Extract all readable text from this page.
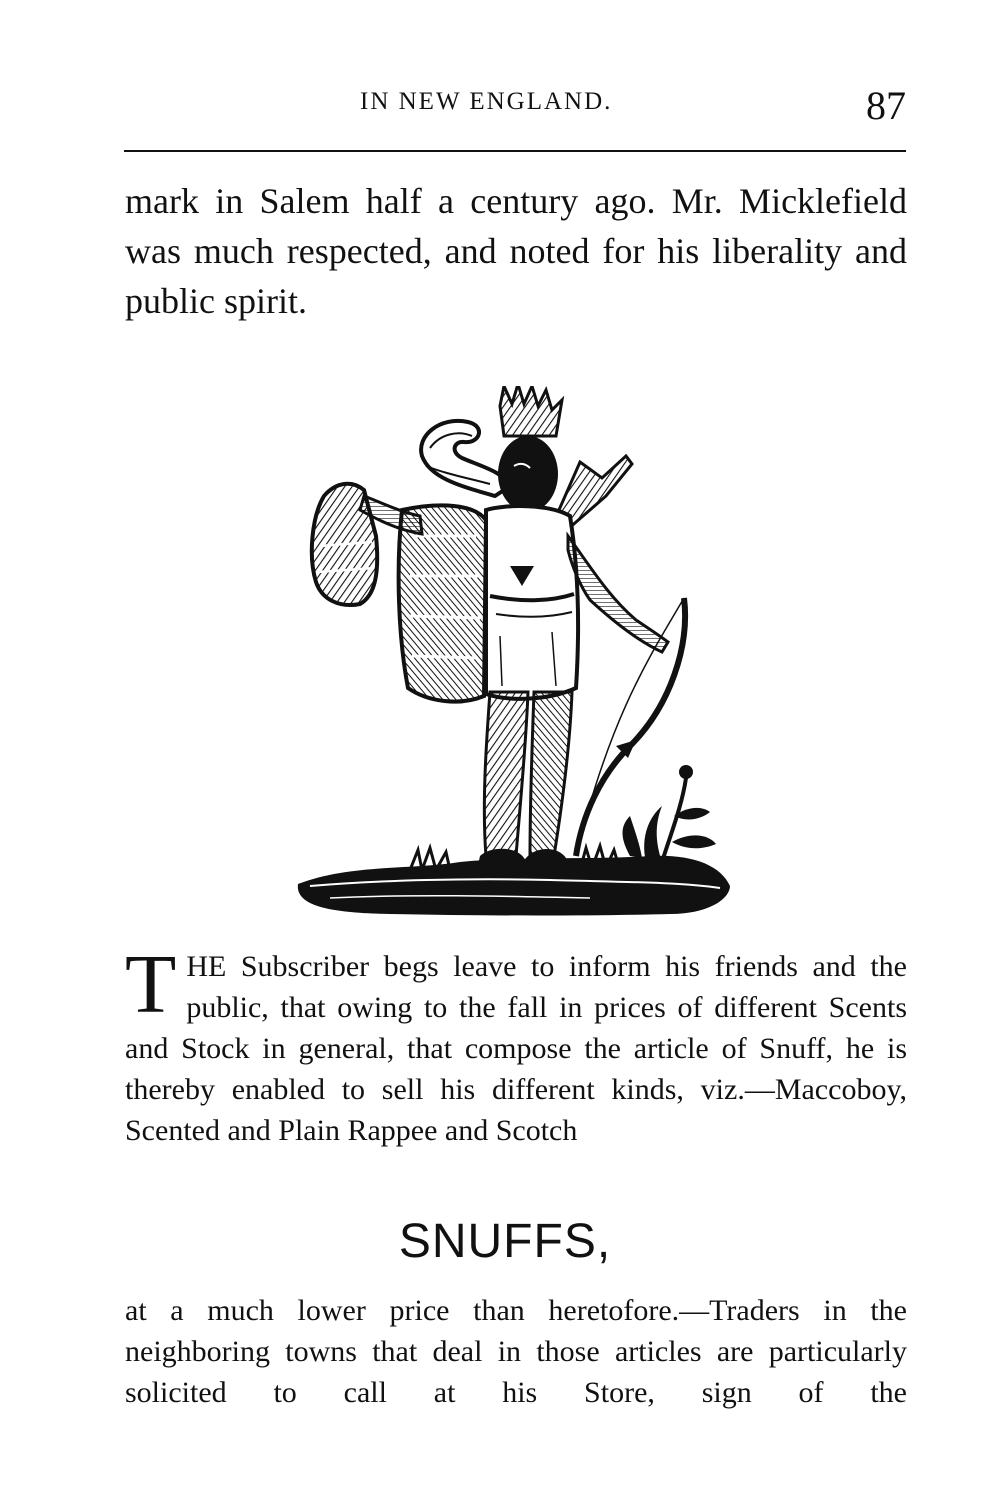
IN NEW ENGLAND.	87

mark in Salem half a century ago. Mr. Micklefield was much respected, and noted for his liberality and public spirit.

THE Subscriber begs leave to inform his friends and the public, that owing to the fall in prices of different Scents and Stock in general, that compose the article of Snuff, he is thereby enabled to sell his different kinds, viz.—Maccoboy, Scented and Plain Rappee and Scotch

SNUFFS,

at a much lower price than heretofore.—Traders in the neighboring towns that deal in those articles are particularly solicited to call at his Store, sign of the
